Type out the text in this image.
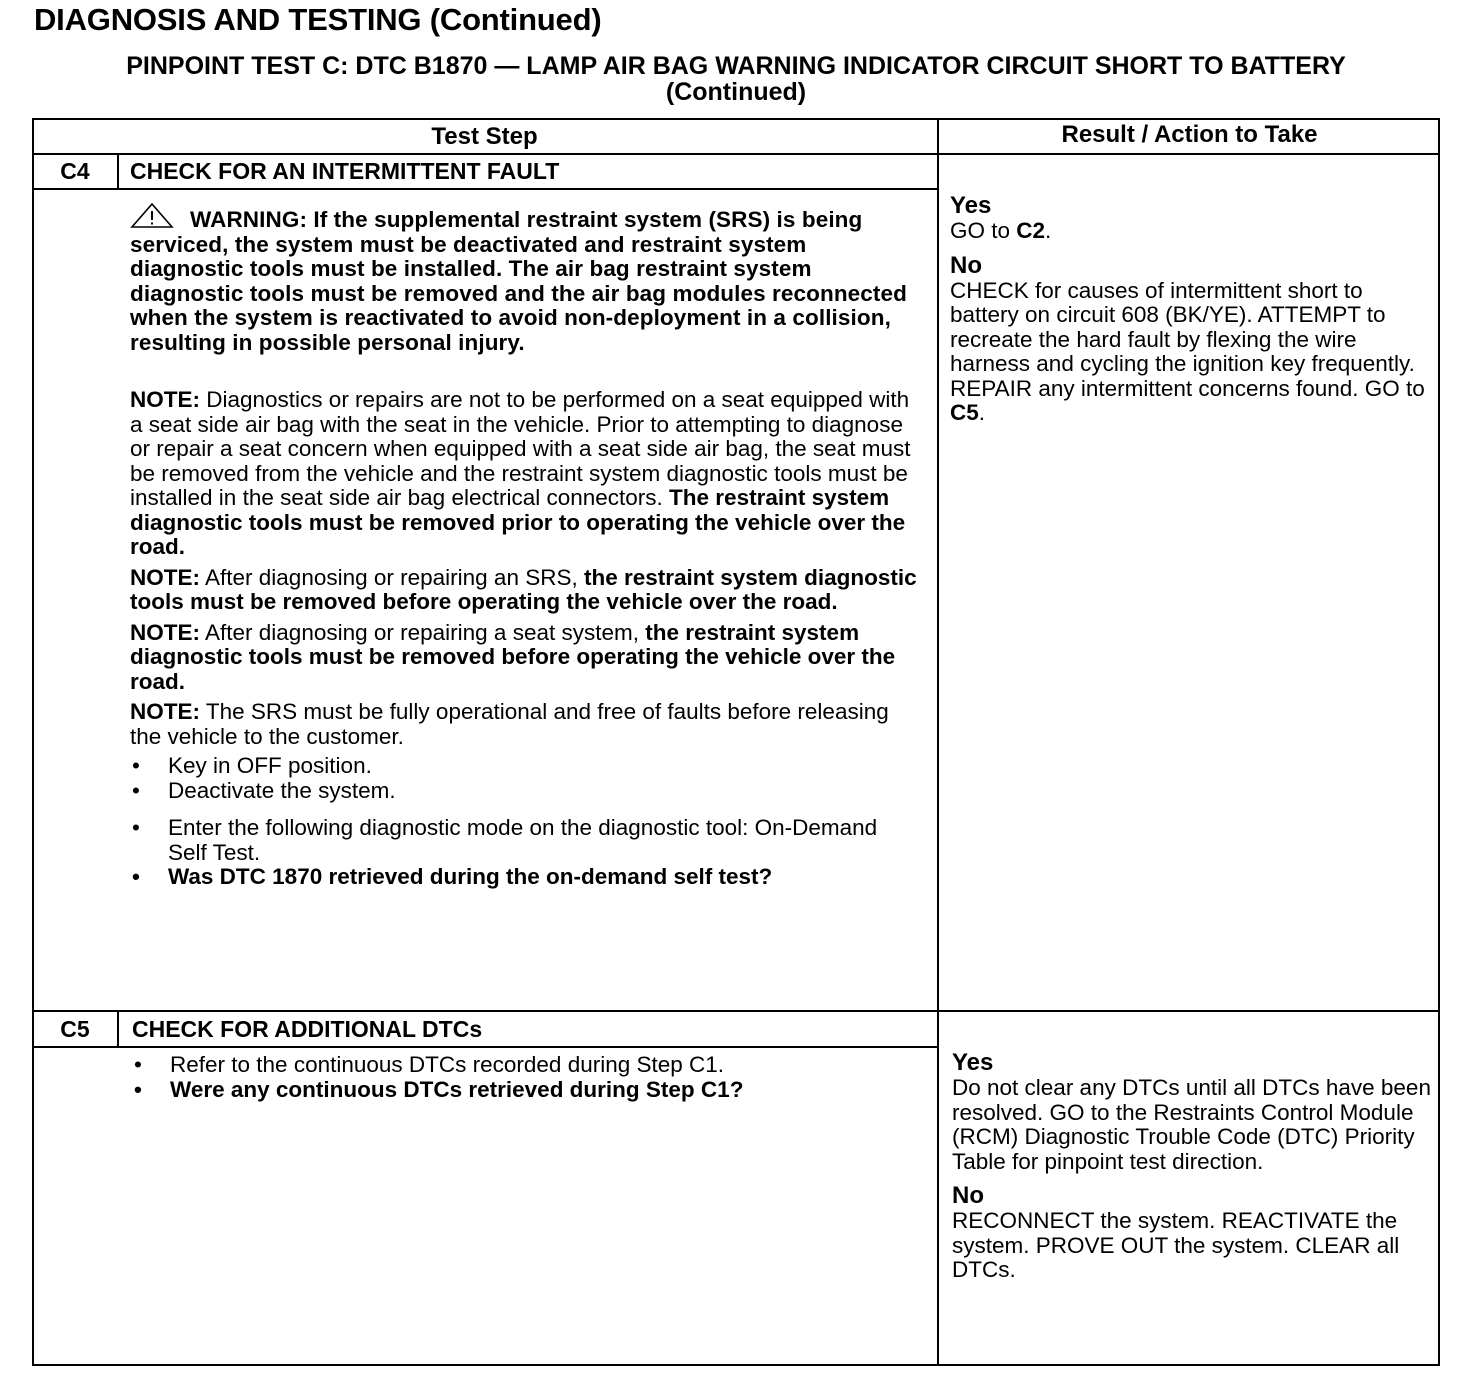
DIAGNOSIS AND TESTING (Continued)
PINPOINT TEST C: DTC B1870 — LAMP AIR BAG WARNING INDICATOR CIRCUIT SHORT TO BATTERY
(Continued)
Test Step	Result / Action to Take
C4	CHECK FOR AN INTERMITTENT FAULT

WARNING: If the supplemental restraint system (SRS) is being serviced, the system must be deactivated and restraint system diagnostic tools must be installed. The air bag restraint system diagnostic tools must be removed and the air bag modules reconnected when the system is reactivated to avoid non-deployment in a collision, resulting in possible personal injury.

NOTE: Diagnostics or repairs are not to be performed on a seat equipped with a seat side air bag with the seat in the vehicle. Prior to attempting to diagnose or repair a seat concern when equipped with a seat side air bag, the seat must be removed from the vehicle and the restraint system diagnostic tools must be installed in the seat side air bag electrical connectors. The restraint system diagnostic tools must be removed prior to operating the vehicle over the road.

NOTE: After diagnosing or repairing an SRS, the restraint system diagnostic tools must be removed before operating the vehicle over the road.

NOTE: After diagnosing or repairing a seat system, the restraint system diagnostic tools must be removed before operating the vehicle over the road.

NOTE: The SRS must be fully operational and free of faults before releasing the vehicle to the customer.

• Key in OFF position.
• Deactivate the system.
• Enter the following diagnostic mode on the diagnostic tool: On-Demand Self Test.
• Was DTC 1870 retrieved during the on-demand self test?
Yes

GO to C2.

No

CHECK for causes of intermittent short to battery on circuit 608 (BK/YE). ATTEMPT to recreate the hard fault by flexing the wire harness and cycling the ignition key frequently. REPAIR any intermittent concerns found. GO to C5.

C5	CHECK FOR ADDITIONAL DTCs
• Refer to the continuous DTCs recorded during Step C1.
• Were any continuous DTCs retrieved during Step C1?
Yes

Do not clear any DTCs until all DTCs have been resolved. GO to the Restraints Control Module (RCM) Diagnostic Trouble Code (DTC) Priority Table for pinpoint test direction.

No

RECONNECT the system. REACTIVATE the system. PROVE OUT the system. CLEAR all DTCs.
